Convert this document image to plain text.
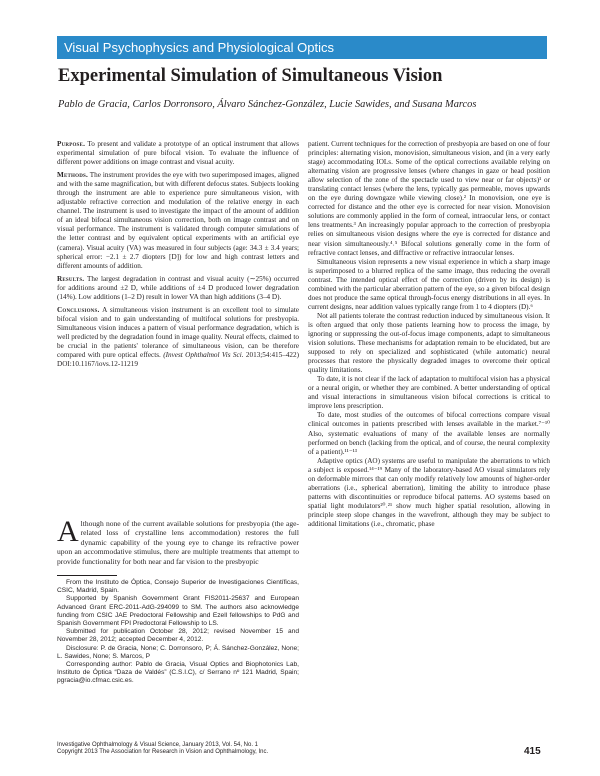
Visual Psychophysics and Physiological Optics
Experimental Simulation of Simultaneous Vision

Pablo de Gracia, Carlos Dorronsoro, Álvaro Sánchez-González, Lucie Sawides, and Susana Marcos

Purpose. To present and validate a prototype of an optical instrument that allows experimental simulation of pure bifocal vision. To evaluate the influence of different power additions on image contrast and visual acuity.

Methods. The instrument provides the eye with two superimposed images, aligned and with the same magnification, but with different defocus states. Subjects looking through the instrument are able to experience pure simultaneous vision, with adjustable refractive correction and modulation of the relative energy in each channel. The instrument is used to investigate the impact of the amount of addition of an ideal bifocal simultaneous vision correction, both on image contrast and on visual performance. The instrument is validated through computer simulations of the letter contrast and by equivalent optical experiments with an artificial eye (camera). Visual acuity (VA) was measured in four subjects (age: 34.3 ± 3.4 years; spherical error: −2.1 ± 2.7 diopters [D]) for low and high contrast letters and different amounts of addition.

Results. The largest degradation in contrast and visual acuity (∼25%) occurred for additions around ±2 D, while additions of ±4 D produced lower degradation (14%). Low additions (1–2 D) result in lower VA than high additions (3–4 D).

Conclusions. A simultaneous vision instrument is an excellent tool to simulate bifocal vision and to gain understanding of multifocal solutions for presbyopia. Simultaneous vision induces a pattern of visual performance degradation, which is well predicted by the degradation found in image quality. Neural effects, claimed to be crucial in the patients' tolerance of simultaneous vision, can be therefore compared with pure optical effects. (Invest Ophthalmol Vis Sci. 2013;54:415–422) DOI:10.1167/iovs.12-11219

Although none of the current available solutions for presbyopia (the age-related loss of crystalline lens accommodation) restores the full dynamic capability of the young eye to change its refractive power upon an accommodative stimulus, there are multiple treatments that attempt to provide functionality for both near and far vision to the presbyopic

From the Instituto de Óptica, Consejo Superior de Investigaciones Científicas, CSIC, Madrid, Spain.

Supported by Spanish Government Grant FIS2011-25637 and European Advanced Grant ERC-2011-AdG-294099 to SM. The authors also acknowledge funding from CSIC JAE Predoctoral Fellowship and Ezell fellowships to PdG and Spanish Government FPI Predoctoral Fellowship to LS.

Submitted for publication October 28, 2012; revised November 15 and November 28, 2012; accepted December 4, 2012.

Disclosure: P. de Gracia, None; C. Dorronsoro, P; Á. Sánchez-González, None; L. Sawides, None; S. Marcos, P

Corresponding author: Pablo de Gracia, Visual Optics and Biophotonics Lab, Instituto de Óptica “Daza de Valdés” (C.S.I.C), c/ Serrano nº 121 Madrid, Spain; pgracia@io.cfmac.csic.es.

patient. Current techniques for the correction of presbyopia are based on one of four principles: alternating vision, monovision, simultaneous vision, and (in a very early stage) accommodating IOLs. Some of the optical corrections available relying on alternating vision are progressive lenses (where changes in gaze or head position allow selection of the zone of the spectacle used to view near or far objects)¹ or translating contact lenses (where the lens, typically gas permeable, moves upwards on the eye during downgaze while viewing close).² In monovision, one eye is corrected for distance and the other eye is corrected for near vision. Monovision solutions are commonly applied in the form of corneal, intraocular lens, or contact lens treatments.³ An increasingly popular approach to the correction of presbyopia relies on simultaneous vision designs where the eye is corrected for distance and near vision simultaneously.⁴˒⁵ Bifocal solutions generally come in the form of refractive contact lenses, and diffractive or refractive intraocular lenses.

Simultaneous vision represents a new visual experience in which a sharp image is superimposed to a blurred replica of the same image, thus reducing the overall contrast. The intended optical effect of the correction (driven by its design) is combined with the particular aberration pattern of the eye, so a given bifocal design does not produce the same optical through-focus energy distributions in all eyes. In current designs, near addition values typically range from 1 to 4 diopters (D).⁶

Not all patients tolerate the contrast reduction induced by simultaneous vision. It is often argued that only those patients learning how to process the image, by ignoring or suppressing the out-of-focus image components, adapt to simultaneous vision solutions. These mechanisms for adaptation remain to be elucidated, but are supposed to rely on specialized and sophisticated (while automatic) neural processes that restore the physically degraded images to overcome their optical quality limitations.

To date, it is not clear if the lack of adaptation to multifocal vision has a physical or a neural origin, or whether they are combined. A better understanding of optical and visual interactions in simultaneous vision bifocal corrections is critical to improve lens prescription.

To date, most studies of the outcomes of bifocal corrections compare visual clinical outcomes in patients prescribed with lenses available in the market.⁷⁻¹⁰ Also, systematic evaluations of many of the available lenses are normally performed on bench (lacking from the optical, and of course, the neural complexity of a patient).¹¹⁻¹³

Adaptive optics (AO) systems are useful to manipulate the aberrations to which a subject is exposed.¹⁴⁻¹⁹ Many of the laboratory-based AO visual simulators rely on deformable mirrors that can only modify relatively low amounts of higher-order aberrations (i.e., spherical aberration), limiting the ability to introduce phase patterns with discontinuities or reproduce bifocal patterns. AO systems based on spatial light modulators²⁰˒²¹ show much higher spatial resolution, allowing in principle steep slope changes in the wavefront, although they may be subject to additional limitations (i.e., chromatic, phase

Investigative Ophthalmology & Visual Science, January 2013, Vol. 54, No. 1
Copyright 2013 The Association for Research in Vision and Ophthalmology, Inc.	415
